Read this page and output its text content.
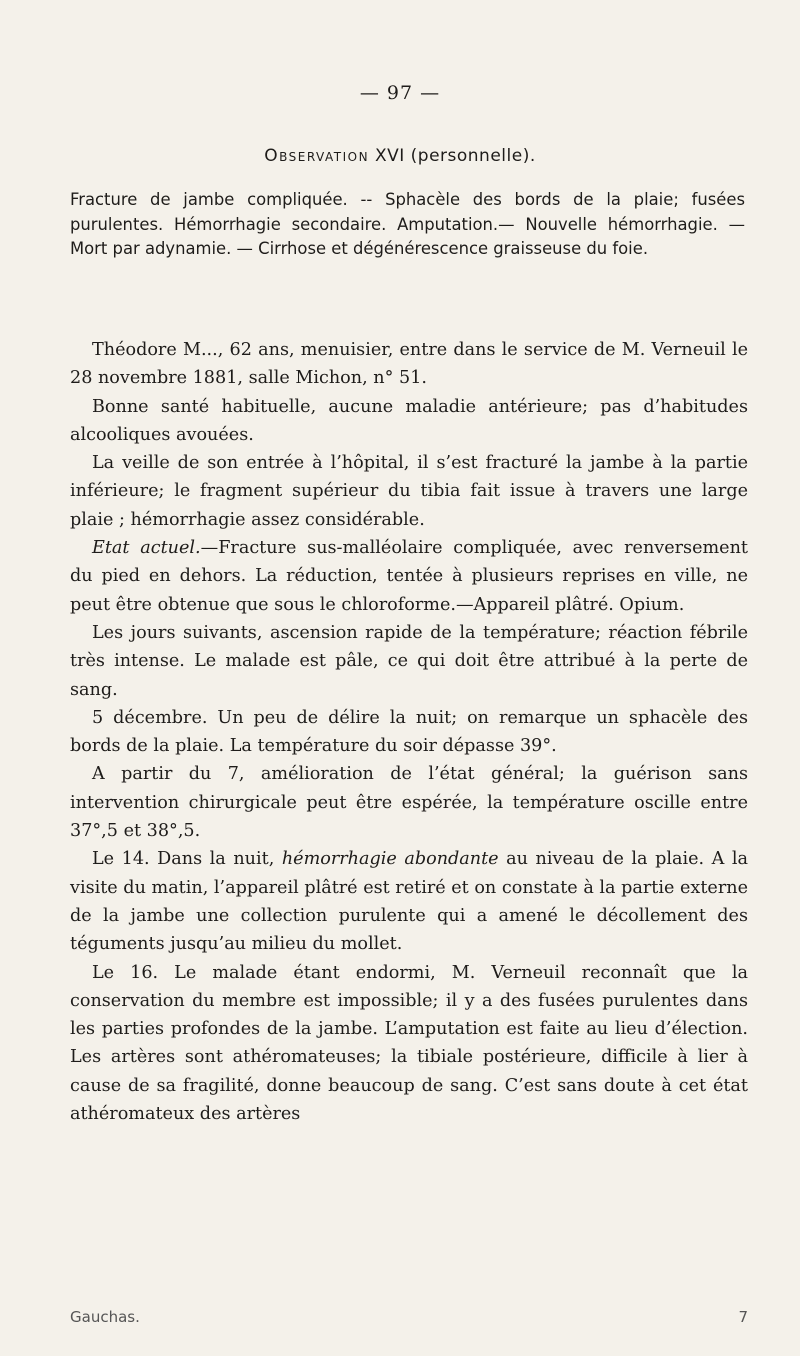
— 97 —
Observation XVI (personnelle).
Fracture de jambe compliquée. -- Sphacèle des bords de la plaie; fusées purulentes. Hémorrhagie secondaire. Amputation.— Nouvelle hémorrhagie. — Mort par adynamie. — Cirrhose et dégénérescence graisseuse du foie.

Théodore M..., 62 ans, menuisier, entre dans le service de M. Verneuil le 28 novembre 1881, salle Michon, n° 51.

Bonne santé habituelle, aucune maladie antérieure; pas d’habitudes alcooliques avouées.

La veille de son entrée à l’hôpital, il s’est fracturé la jambe à la partie inférieure; le fragment supérieur du tibia fait issue à travers une large plaie ; hémorrhagie assez considérable.

Etat actuel.—Fracture sus-malléolaire compliquée, avec renversement du pied en dehors. La réduction, tentée à plusieurs reprises en ville, ne peut être obtenue que sous le chloroforme.—Appareil plâtré. Opium.

Les jours suivants, ascension rapide de la température; réaction fébrile très intense. Le malade est pâle, ce qui doit être attribué à la perte de sang.

5 décembre. Un peu de délire la nuit; on remarque un sphacèle des bords de la plaie. La température du soir dépasse 39°.

A partir du 7, amélioration de l’état général; la guérison sans intervention chirurgicale peut être espérée, la température oscille entre 37°,5 et 38°,5.

Le 14. Dans la nuit, hémorrhagie abondante au niveau de la plaie. A la visite du matin, l’appareil plâtré est retiré et on constate à la partie externe de la jambe une collection purulente qui a amené le décollement des téguments jusqu’au milieu du mollet.

Le 16. Le malade étant endormi, M. Verneuil reconnaît que la conservation du membre est impossible; il y a des fusées purulentes dans les parties profondes de la jambe. L’amputation est faite au lieu d’élection. Les artères sont athéromateuses; la tibiale postérieure, difficile à lier à cause de sa fragilité, donne beaucoup de sang. C’est sans doute à cet état athéromateux des artères

Gauchas.	7
